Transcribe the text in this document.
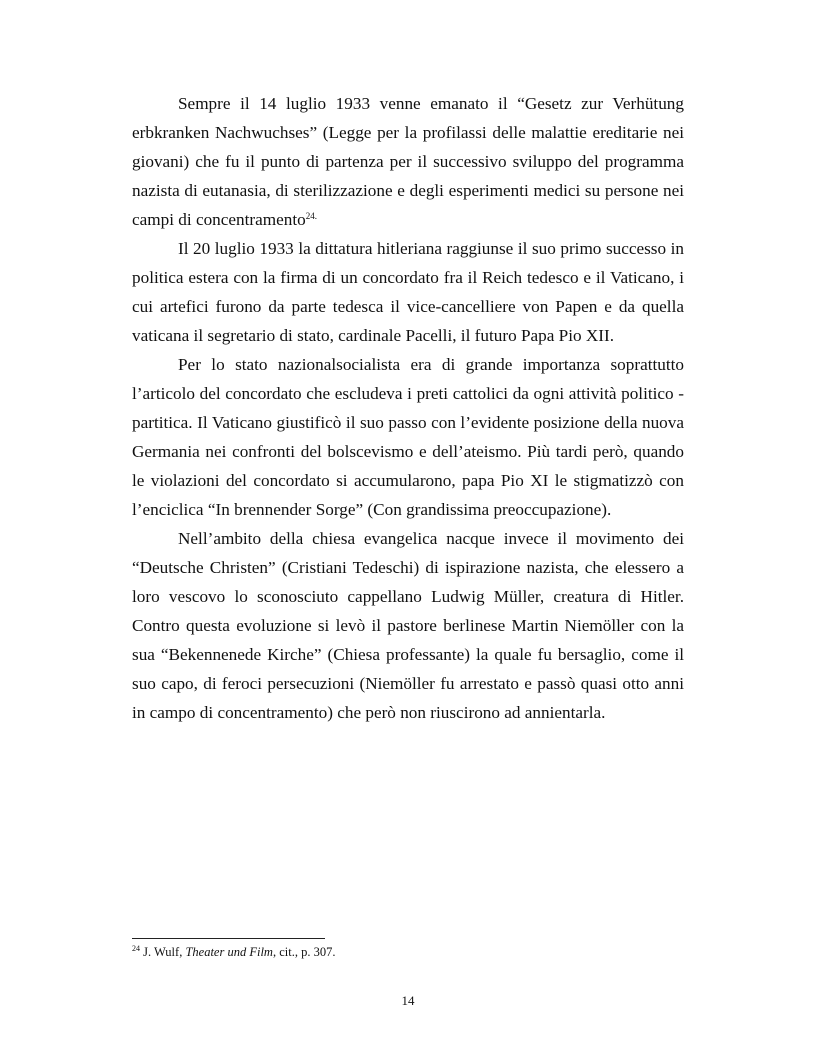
Sempre il 14 luglio 1933 venne emanato il “Gesetz zur Verhütung erbkranken Nachwuchses” (Legge per la profilassi delle malattie ereditarie nei giovani) che fu il punto di partenza per il successivo sviluppo del programma nazista di eutanasia, di sterilizzazione e degli esperimenti medici su persone nei campi di concentramento$^{24.}$

Il 20 luglio 1933 la dittatura hitleriana raggiunse il suo primo successo in politica estera con la firma di un concordato fra il Reich tedesco e il Vaticano, i cui artefici furono da parte tedesca il vice-cancelliere von Papen e da quella vaticana il segretario di stato, cardinale Pacelli, il futuro Papa Pio XII.

Per lo stato nazionalsocialista era di grande importanza soprattutto l’articolo del concordato che escludeva i preti cattolici da ogni attività politico - partitica. Il Vaticano giustificò il suo passo con l’evidente posizione della nuova Germania nei confronti del bolscevismo e dell’ateismo. Più tardi però, quando le violazioni del concordato si accumularono, papa Pio XI le stigmatizzò con l’enciclica “In brennender Sorge” (Con grandissima preoccupazione).

Nell’ambito della chiesa evangelica nacque invece il movimento dei “Deutsche Christen” (Cristiani Tedeschi) di ispirazione nazista, che elessero a loro vescovo lo sconosciuto cappellano Ludwig Müller, creatura di Hitler. Contro questa evoluzione si levò il pastore berlinese Martin Niemöller con la sua “Bekennenede Kirche” (Chiesa professante) la quale fu bersaglio, come il suo capo, di feroci persecuzioni (Niemöller fu arrestato e passò quasi otto anni in campo di concentramento) che però non riuscirono ad annientarla.

$^{24}$ J. Wulf, Theater und Film, cit., p. 307.
14
